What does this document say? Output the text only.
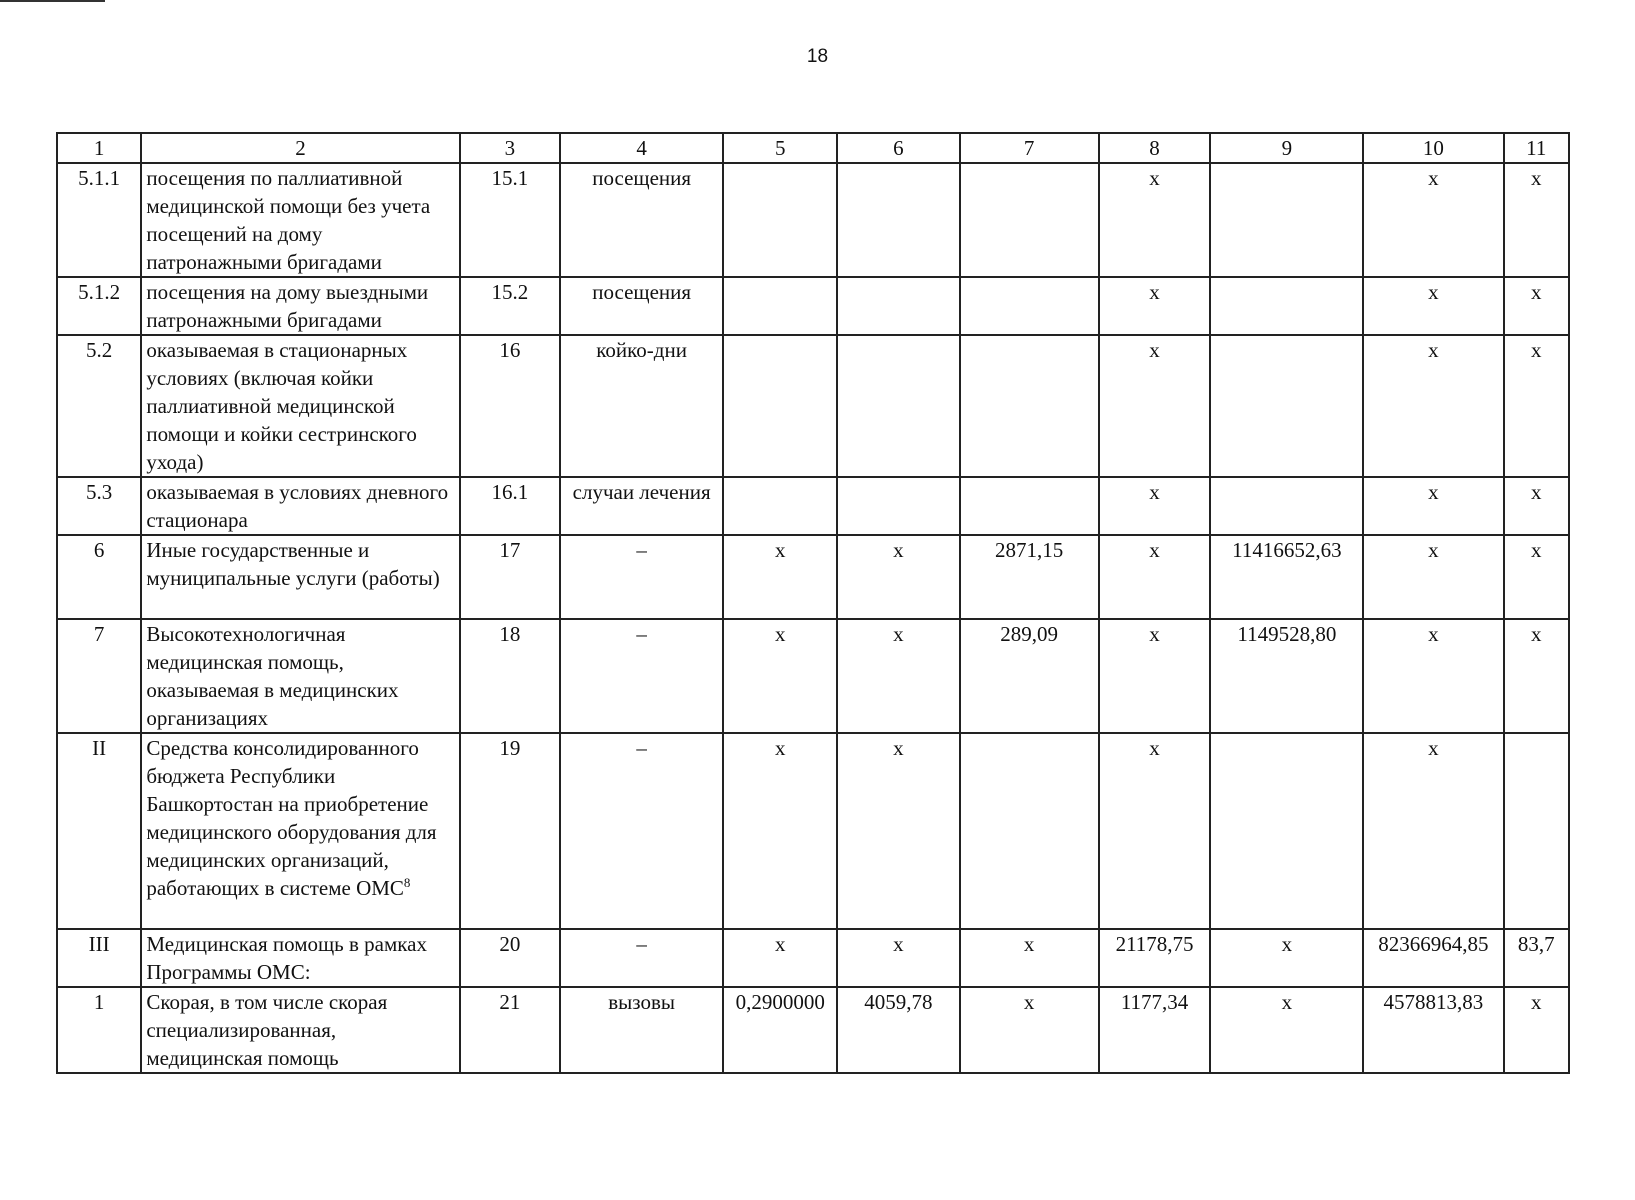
18
1	2	3	4	5	6	7	8	9	10	11
5.1.1	посещения по паллиативной медицинской помощи без учета посещений на дому патронажными бригадами	15.1	посещения				х		х	х
5.1.2	посещения на дому выездными патронажными бригадами	15.2	посещения				х		х	х
5.2	оказываемая в стационарных условиях (включая койки паллиативной медицинской помощи и койки сестринского ухода)	16	койко-дни				х		х	х
5.3	оказываемая в условиях дневного стационара	16.1	случаи лечения				х		х	х
6	Иные государственные и муниципальные услуги (работы)	17	–	х	х	2871,15	х	11416652,63	х	х
7	Высокотехнологичная медицинская помощь, оказываемая в медицинских организациях	18	–	х	х	289,09	х	1149528,80	х	х
II	Средства консолидированного бюджета Республики Башкортостан на приобретение медицинского оборудования для медицинских организаций, работающих в системе ОМС$^8$	19	–	х	х		х		х	
III	Медицинская помощь в рамках Программы ОМС:	20	–	х	х	х	21178,75	х	82366964,85	83,7
1	Скорая, в том числе скорая специализированная, медицинская помощь	21	вызовы	0,2900000	4059,78	х	1177,34	х	4578813,83	х
